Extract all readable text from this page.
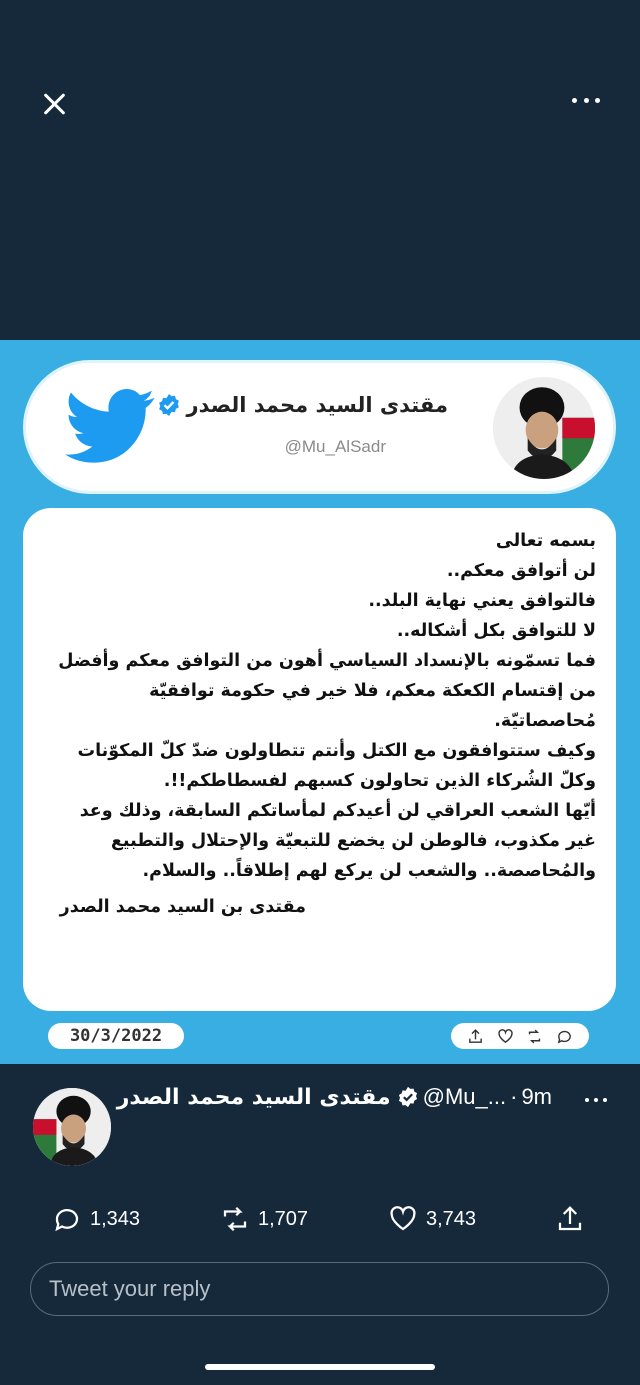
مقتدى السيد محمد الصدر
@Mu_AlSadr

بسمه تعالى

لن أتوافق معكم..

فالتوافق يعني نهاية البلد..

لا للتوافق بكل أشكاله..

فما تسمّونه بالإنسداد السياسي أهون من التوافق معكم وأفضل

من إقتسام الكعكة معكم، فلا خير في حكومة توافقيّة

مُحاصصاتيّة.

وكيف ستتوافقون مع الكتل وأنتم تتطاولون ضدّ كلّ المكوّنات

وكلّ الشُركاء الذين تحاولون كسبهم لفسطاطكم!!.

أيّها الشعب العراقي لن أعيدكم لمأساتكم السابقة، وذلك وعد

غير مكذوب، فالوطن لن يخضع للتبعيّة والإحتلال والتطبيع

والمُحاصصة.. والشعب لن يركع لهم إطلاقاً.. والسلام.

مقتدى بن السيد محمد الصدر

30/3/2022
مقتدى السيد محمد الصدر @Mu_... · 9m
1,343	1,707	3,743
Tweet your reply
